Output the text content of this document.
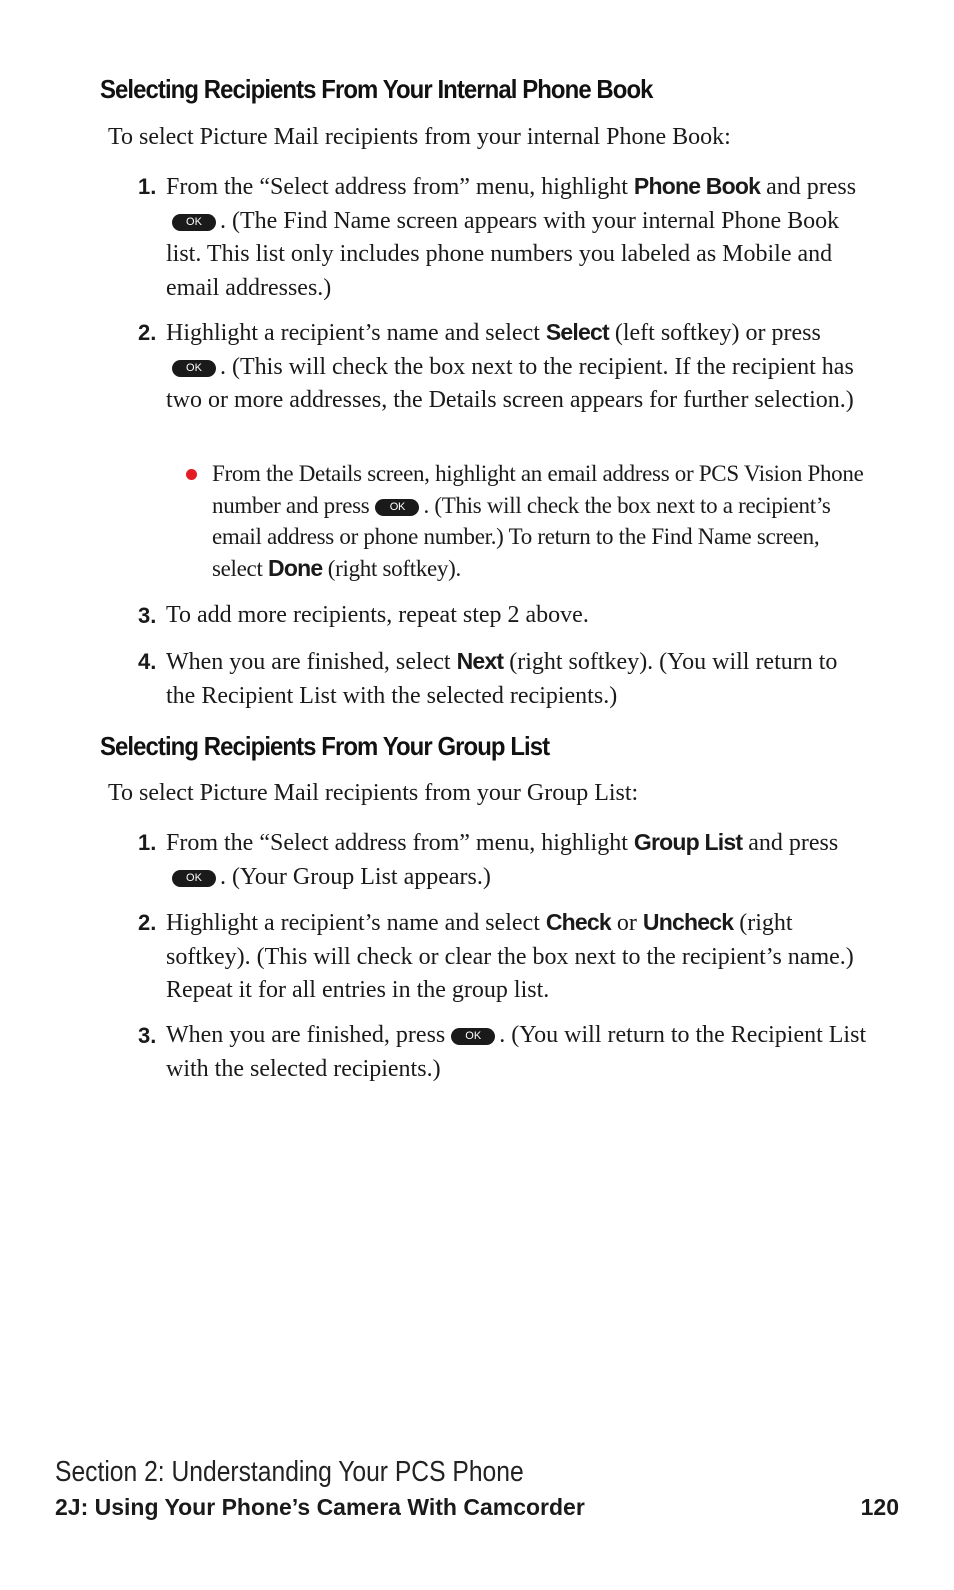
Selecting Recipients From Your Internal Phone Book
To select Picture Mail recipients from your internal Phone Book:
1. From the “Select address from” menu, highlight Phone Book and pressOK . (The Find Name screen appears with your internal Phone Book list. This list only includes phone numbers you labeled as Mobile and email addresses.)
2. Highlight a recipient’s name and select Select (left softkey) or pressOK . (This will check the box next to the recipient. If the recipient has two or more addresses, the Details screen appears for further selection.)
From the Details screen, highlight an email address or PCS Vision Phone number and press OK . (This will check the box next to a recipient’s email address or phone number.) To return to the Find Name screen, select Done (right softkey).
3. To add more recipients, repeat step 2 above.
4. When you are finished, select Next (right softkey). (You will return to the Recipient List with the selected recipients.)
Selecting Recipients From Your Group List
To select Picture Mail recipients from your Group List:
1. From the “Select address from” menu, highlight Group List and pressOK . (Your Group List appears.)
2. Highlight a recipient’s name and select Check or Uncheck (right softkey). (This will check or clear the box next to the recipient’s name.) Repeat it for all entries in the group list.
3. When you are finished, press OK . (You will return to the Recipient List with the selected recipients.)
Section 2: Understanding Your PCS Phone
2J: Using Your Phone’s Camera With Camcorder	120
